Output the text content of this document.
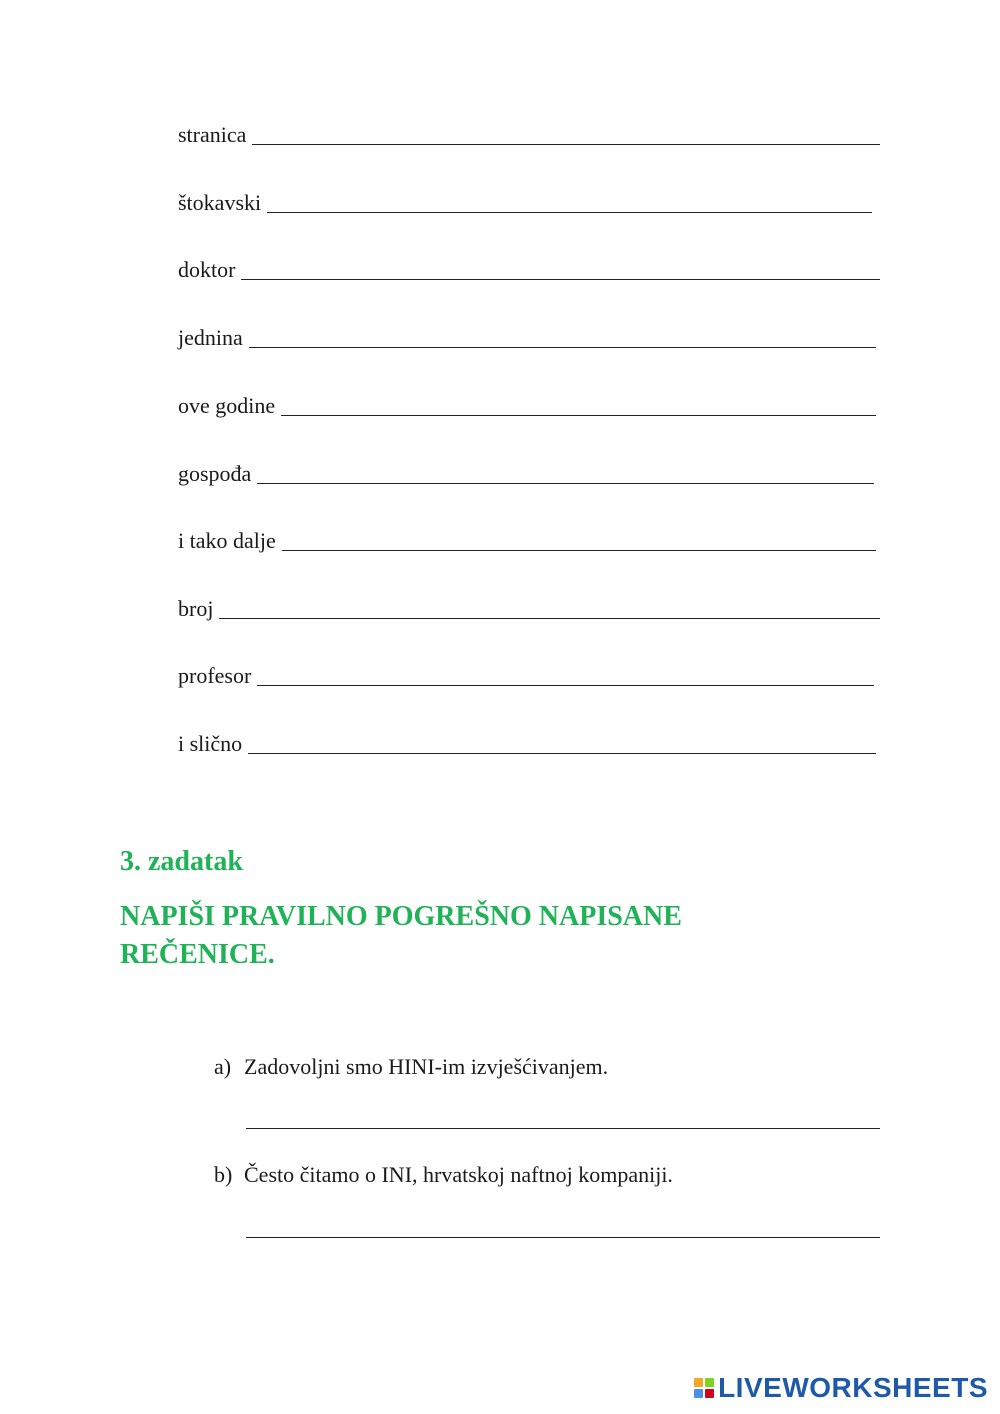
stranica
štokavski
doktor
jednina
ove godine
gospođa
i tako dalje
broj
profesor
i slično
3. zadatak
NAPIŠI PRAVILNO POGREŠNO NAPISANE REČENICE.
a) Zadovoljni smo HINI-im izvješćivanjem.
b) Često čitamo o INI, hrvatskoj naftnoj kompaniji.
LIVEWORKSHEETS
